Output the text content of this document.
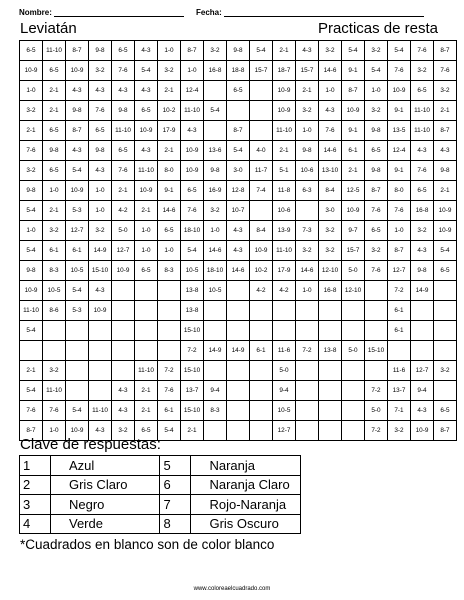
Nombre:	Fecha:
Leviatán	Practicas de resta
6-5	11-10	8-7	9-8	6-5	4-3	1-0	8-7	3-2	9-8	5-4	2-1	4-3	3-2	5-4	3-2	5-4	7-6	8-7
10-9	6-5	10-9	3-2	7-6	5-4	3-2	1-0	16-8	18-8	15-7	18-7	15-7	14-6	9-1	5-4	7-6	3-2	7-6
1-0	2-1	4-3	4-3	4-3	4-3	2-1	12-4		6-5		10-9	2-1	1-0	8-7	1-0	10-9	6-5	3-2
3-2	2-1	9-8	7-6	9-8	6-5	10-2	11-10	5-4			10-9	3-2	4-3	10-9	3-2	9-1	11-10	2-1
2-1	6-5	8-7	6-5	11-10	10-9	17-9	4-3		8-7		11-10	1-0	7-6	9-1	9-8	13-5	11-10	8-7
7-6	9-8	4-3	9-8	6-5	4-3	2-1	10-9	13-6	5-4	4-0	2-1	9-8	14-6	6-1	6-5	12-4	4-3	4-3
3-2	6-5	5-4	4-3	7-6	11-10	8-0	10-9	9-8	3-0	11-7	5-1	10-6	13-10	2-1	9-8	9-1	7-6	9-8
9-8	1-0	10-9	1-0	2-1	10-9	9-1	6-5	16-9	12-8	7-4	11-8	6-3	8-4	12-5	8-7	8-0	6-5	2-1
5-4	2-1	5-3	1-0	4-2	2-1	14-6	7-6	3-2	10-7		10-6		3-0	10-9	7-6	7-6	16-8	10-9
1-0	3-2	12-7	3-2	5-0	1-0	6-5	18-10	1-0	4-3	8-4	13-9	7-3	3-2	9-7	6-5	1-0	3-2	10-9
5-4	6-1	6-1	14-9	12-7	1-0	1-0	5-4	14-6	4-3	10-9	11-10	3-2	3-2	15-7	3-2	8-7	4-3	5-4
9-8	8-3	10-5	15-10	10-9	6-5	8-3	10-5	18-10	14-6	10-2	17-9	14-6	12-10	5-0	7-6	12-7	9-8	6-5
10-9	10-5	5-4	4-3				13-8	10-5		4-2	4-2	1-0	16-8	12-10		7-2	14-9	
11-10	8-6	5-3	10-9				13-8									6-1		
5-4							15-10									6-1		
							7-2	14-9	14-9	6-1	11-6	7-2	13-8	5-0	15-10			
2-1	3-2				11-10	7-2	15-10				5-0					11-6	12-7	3-2
5-4	11-10			4-3	2-1	7-6	13-7	9-4			9-4				7-2	13-7	9-4	
7-6	7-6	5-4	11-10	4-3	2-1	6-1	15-10	8-3			10-5				5-0	7-1	4-3	6-5
8-7	1-0	10-9	4-3	3-2	6-5	5-4	2-1				12-7				7-2	3-2	10-9	8-7
Clave de respuestas:
1	Azul	5	Naranja
2	Gris Claro	6	Naranja Claro
3	Negro	7	Rojo-Naranja
4	Verde	8	Gris Oscuro
*Cuadrados en blanco son de color blanco
www.coloreaelcuadrado.com
